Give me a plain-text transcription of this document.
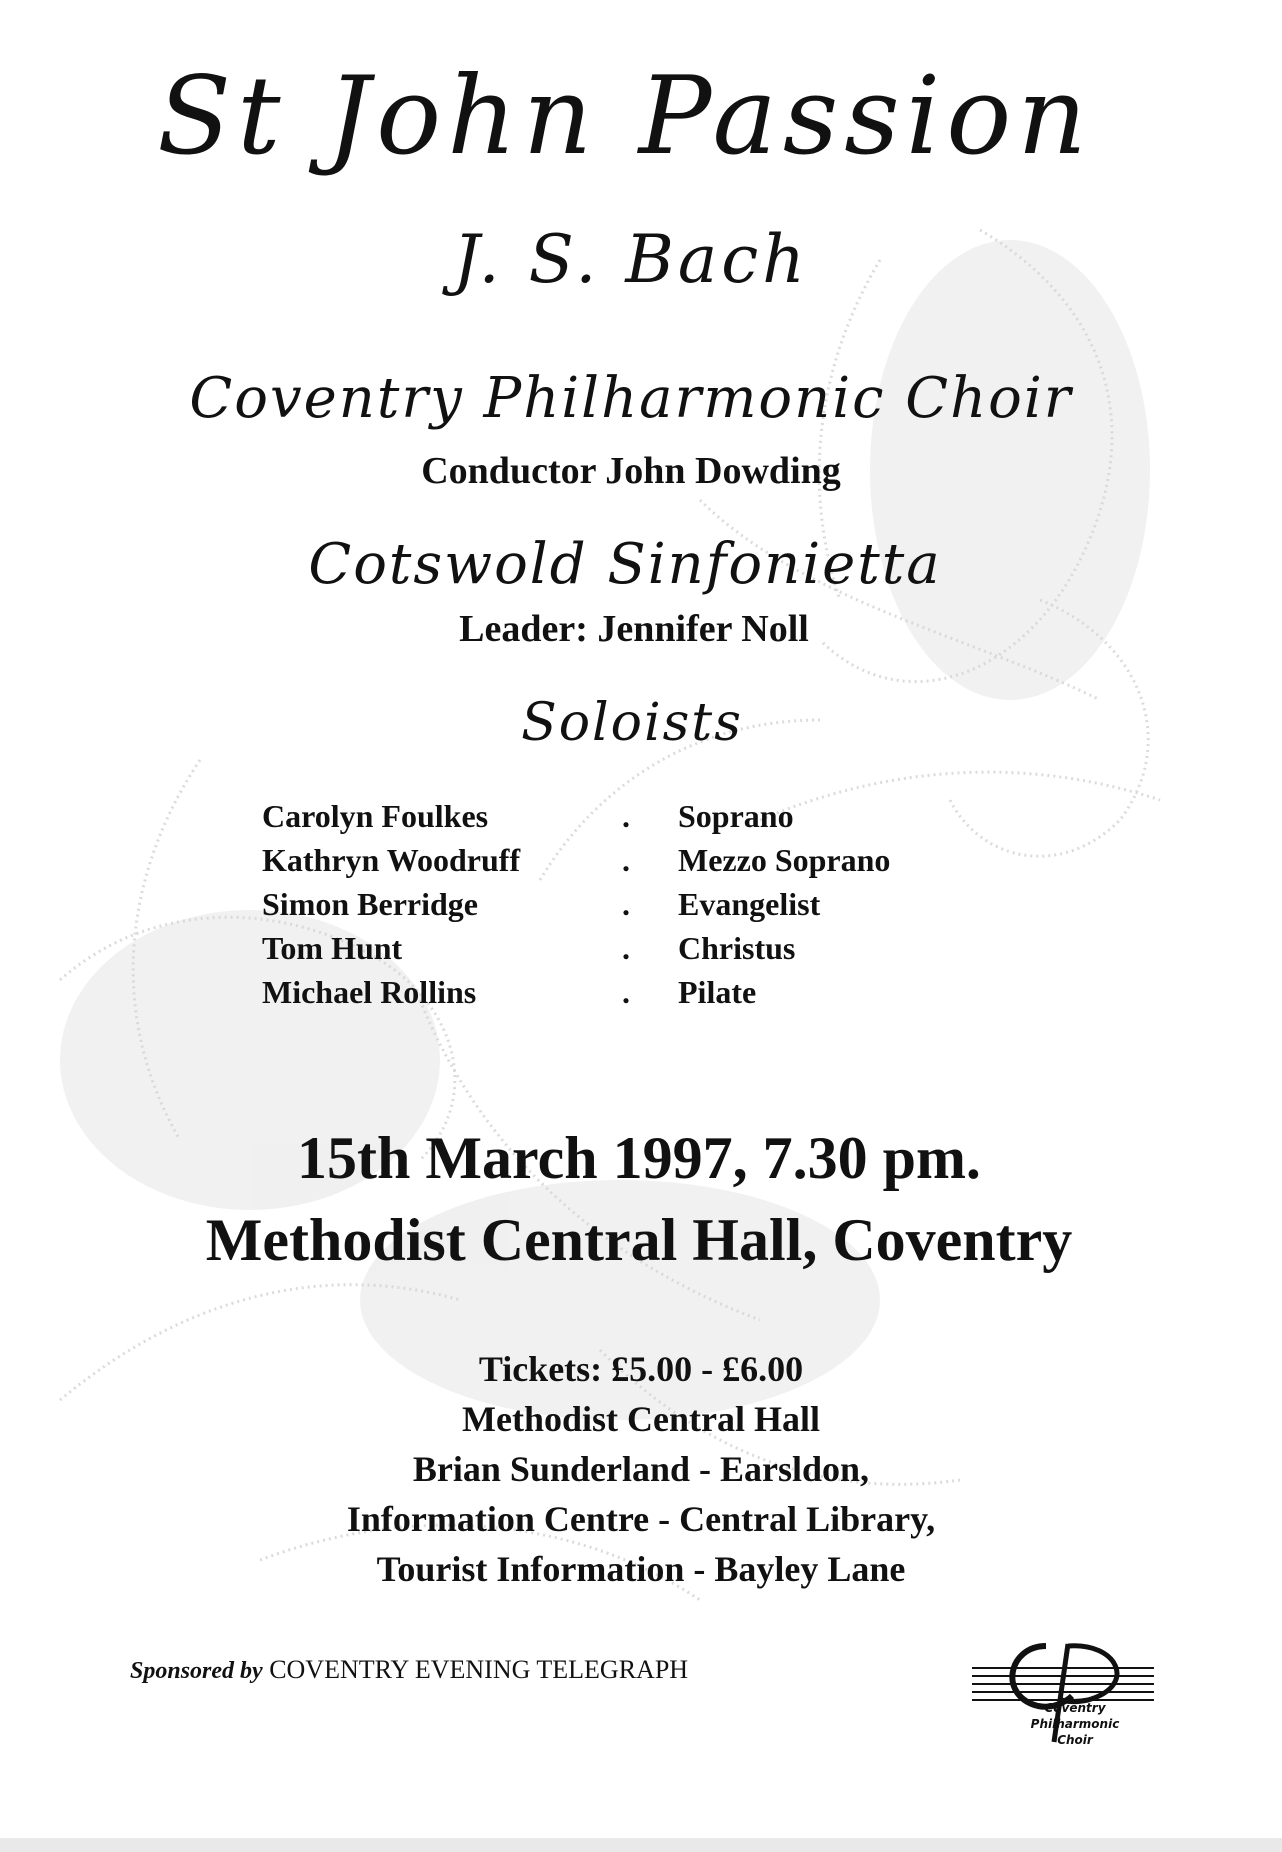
St John Passion
J. S. Bach
Coventry Philharmonic Choir
Conductor John Dowding
Cotswold Sinfonietta
Leader: Jennifer Noll
Soloists
Carolyn Foulkes	. Soprano
Kathryn Woodruff	. Mezzo Soprano
Simon Berridge	. Evangelist
Tom Hunt	. Christus
Michael Rollins	. Pilate
15th March 1997, 7.30 pm.
Methodist Central Hall, Coventry
Tickets: £5.00 - £6.00
Methodist Central Hall
Brian Sunderland - Earsldon,
Information Centre - Central Library,
Tourist Information - Bayley Lane
Sponsored by COVENTRY EVENING TELEGRAPH
Coventry
Philharmonic
Choir
